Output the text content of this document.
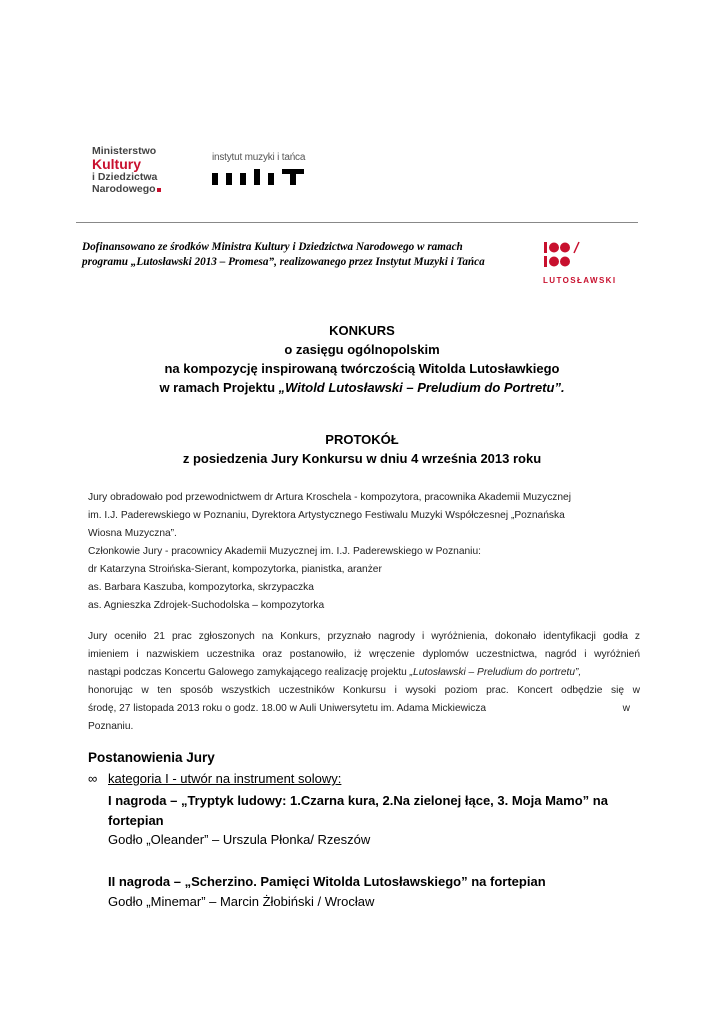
Ministerstwo
Kultury
i Dziedzictwa
Narodowego
instytut muzyki i tańca
Dofinansowano ze środków Ministra Kultury i Dziedzictwa Narodowego w ramach
programu „Lutosławski 2013 – Promesa”, realizowanego przez Instytut Muzyki i Tańca
LUTOSŁAWSKI
KONKURS
o zasięgu ogólnopolskim
na kompozycję inspirowaną twórczością Witolda Lutosławkiego
w ramach Projektu „Witold Lutosławski – Preludium do Portretu”.
PROTOKÓŁ
z posiedzenia Jury Konkursu w dniu 4 września 2013 roku
Jury obradowało pod przewodnictwem dr Artura Kroschela - kompozytora, pracownika Akademii Muzycznej
im. I.J. Paderewskiego w Poznaniu, Dyrektora Artystycznego Festiwalu Muzyki Współczesnej „Poznańska
Wiosna Muzyczna”.
Członkowie Jury - pracownicy Akademii Muzycznej im. I.J. Paderewskiego w Poznaniu:
dr Katarzyna Stroińska-Sierant, kompozytorka, pianistka, aranżer
as. Barbara Kaszuba, kompozytorka, skrzypaczka
as. Agnieszka Zdrojek-Suchodolska – kompozytorka
Jury oceniło 21 prac zgłoszonych na Konkurs, przyznało nagrody i wyróżnienia, dokonało identyfikacji godła z
imieniem i nazwiskiem uczestnika oraz postanowiło, iż wręczenie dyplomów uczestnictwa, nagród i wyróżnień
nastąpi podczas Koncertu Galowego zamykającego realizację projektu „Lutosławski – Preludium do portretu”,
honorując w ten sposób wszystkich uczestników Konkursu i wysoki poziom prac. Koncert odbędzie się w
środę, 27 listopada 2013 roku o godz. 18.00 w Auli Uniwersytetu im. Adama Mickiewicza	w
Poznaniu.
Postanowienia Jury
∞ kategoria I - utwór na instrument solowy:
I nagroda – „Tryptyk ludowy: 1.Czarna kura, 2.Na zielonej łące, 3. Moja Mamo” na
fortepian
Godło „Oleander” – Urszula Płonka/ Rzeszów
II nagroda – „Scherzino. Pamięci Witolda Lutosławskiego” na fortepian
Godło „Minemar” – Marcin Żłobiński / Wrocław
